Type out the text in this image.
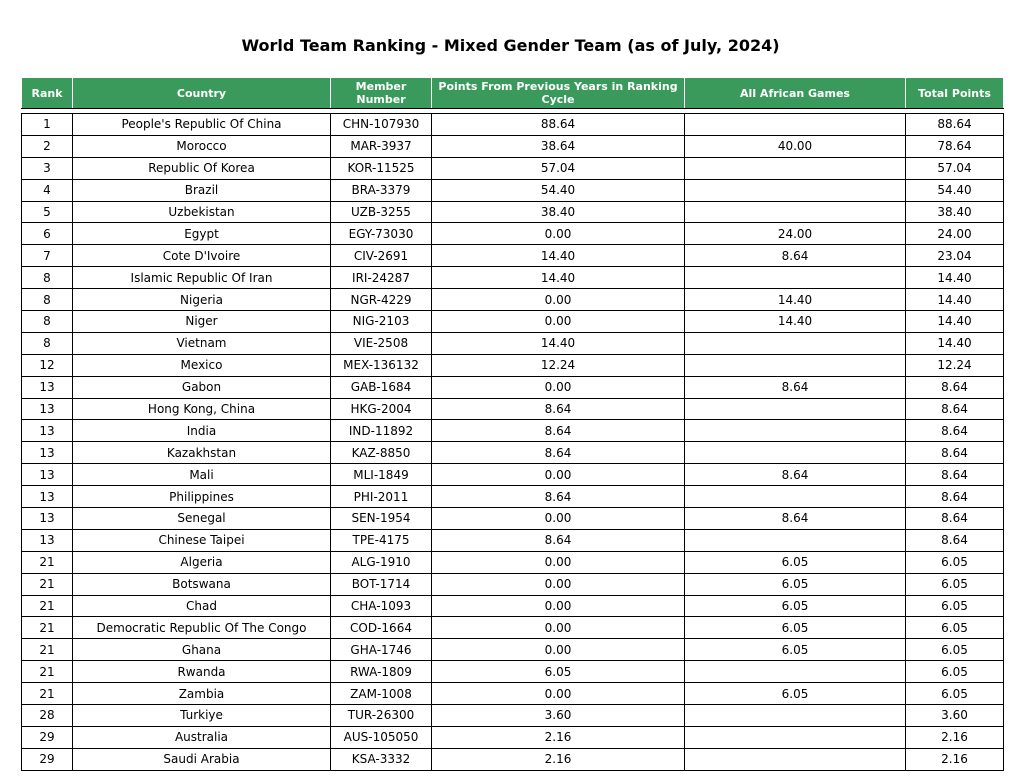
World Team Ranking - Mixed Gender Team (as of July, 2024)
Rank	Country	Member Number	Points From Previous Years in Ranking Cycle	All African Games	Total Points

1	People's Republic Of China	CHN-107930	88.64		88.64
2	Morocco	MAR-3937	38.64	40.00	78.64
3	Republic Of Korea	KOR-11525	57.04		57.04
4	Brazil	BRA-3379	54.40		54.40
5	Uzbekistan	UZB-3255	38.40		38.40
6	Egypt	EGY-73030	0.00	24.00	24.00
7	Cote D'Ivoire	CIV-2691	14.40	8.64	23.04
8	Islamic Republic Of Iran	IRI-24287	14.40		14.40
8	Nigeria	NGR-4229	0.00	14.40	14.40
8	Niger	NIG-2103	0.00	14.40	14.40
8	Vietnam	VIE-2508	14.40		14.40
12	Mexico	MEX-136132	12.24		12.24
13	Gabon	GAB-1684	0.00	8.64	8.64
13	Hong Kong, China	HKG-2004	8.64		8.64
13	India	IND-11892	8.64		8.64
13	Kazakhstan	KAZ-8850	8.64		8.64
13	Mali	MLI-1849	0.00	8.64	8.64
13	Philippines	PHI-2011	8.64		8.64
13	Senegal	SEN-1954	0.00	8.64	8.64
13	Chinese Taipei	TPE-4175	8.64		8.64
21	Algeria	ALG-1910	0.00	6.05	6.05
21	Botswana	BOT-1714	0.00	6.05	6.05
21	Chad	CHA-1093	0.00	6.05	6.05
21	Democratic Republic Of The Congo	COD-1664	0.00	6.05	6.05
21	Ghana	GHA-1746	0.00	6.05	6.05
21	Rwanda	RWA-1809	6.05		6.05
21	Zambia	ZAM-1008	0.00	6.05	6.05
28	Turkiye	TUR-26300	3.60		3.60
29	Australia	AUS-105050	2.16		2.16
29	Saudi Arabia	KSA-3332	2.16		2.16
